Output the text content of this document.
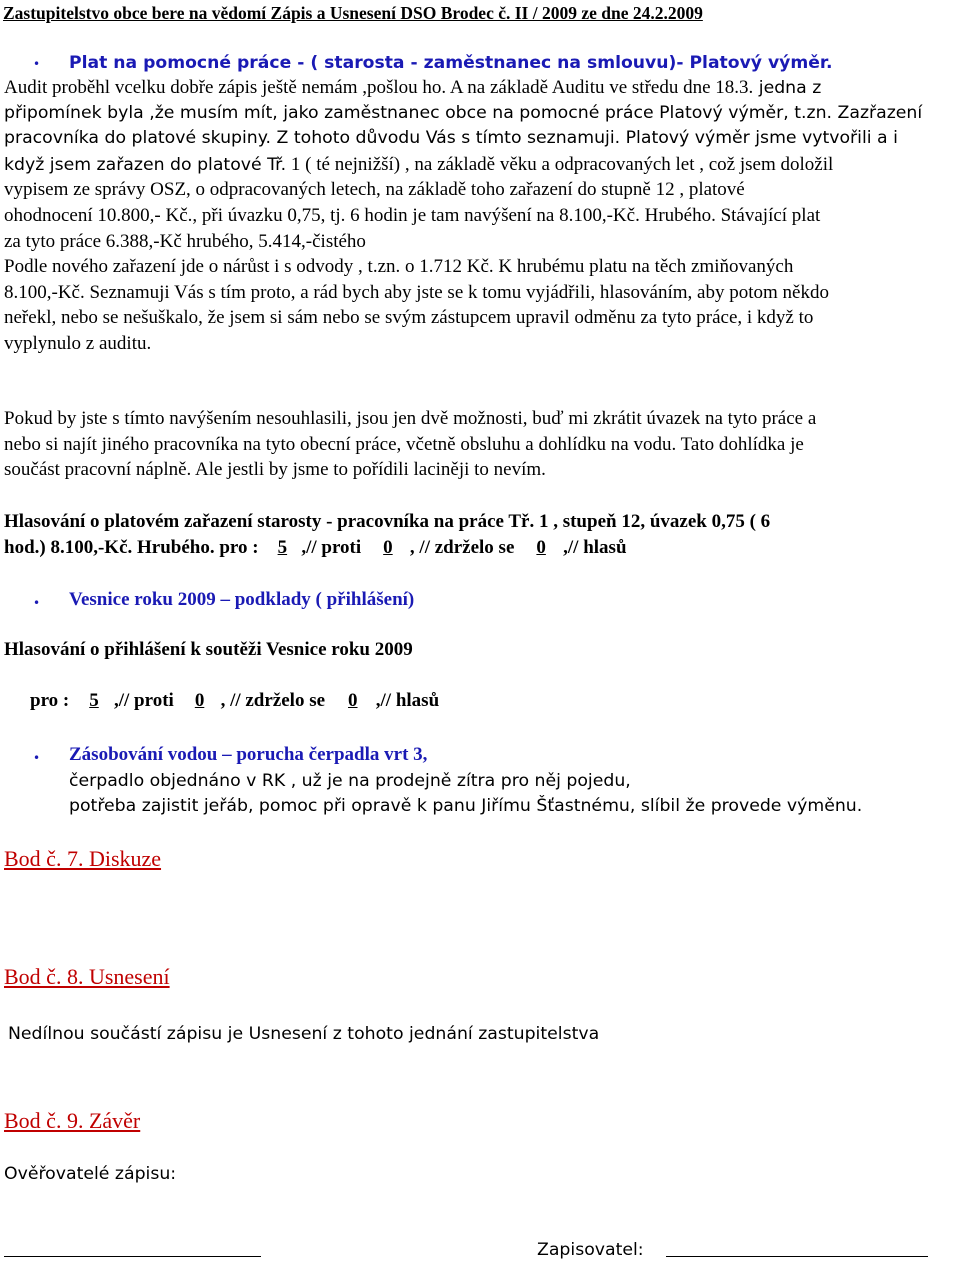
Zastupitelstvo obce bere na vědomí Zápis a Usnesení DSO Brodec č. II / 2009 ze dne 24.2.2009
• Plat na pomocné práce - ( starosta - zaměstnanec na smlouvu)- Platový výměr.
Audit proběhl vcelku dobře zápis ještě nemám ,pošlou ho. A na základě Auditu ve středu dne 18.3. jedna z
připomínek byla ,že musím mít, jako zaměstnanec obce na pomocné práce Platový výměr, t.zn. Zazřazení
pracovníka do platové skupiny. Z tohoto důvodu Vás s tímto seznamuji. Platový výměr jsme vytvořili a i
když jsem zařazen do platové Tř. 1 ( té nejnižší) , na základě věku a odpracovaných let , což jsem doložil
vypisem ze správy OSZ, o odpracovaných letech, na základě toho zařazení do stupně 12 , platové
ohodnocení 10.800,- Kč., při úvazku 0,75, tj. 6 hodin je tam navýšení na 8.100,-Kč. Hrubého. Stávající plat
za tyto práce 6.388,-Kč hrubého, 5.414,-čistého
Podle nového zařazení jde o nárůst i s odvody , t.zn. o 1.712 Kč. K hrubému platu na těch zmiňovaných
8.100,-Kč. Seznamuji Vás s tím proto, a rád bych aby jste se k tomu vyjádřili, hlasováním, aby potom někdo
neřekl, nebo se nešuškalo, že jsem si sám nebo se svým zástupcem upravil odměnu za tyto práce, i když to
vyplynulo z auditu.
Pokud by jste s tímto navýšením nesouhlasili, jsou jen dvě možnosti, buď mi zkrátit úvazek na tyto práce a
nebo si najít jiného pracovníka na tyto obecní práce, včetně obsluhu a dohlídku na vodu. Tato dohlídka je
součást pracovní náplně. Ale jestli by jsme to pořídili laciněji to nevím.
Hlasování o platovém zařazení starosty - pracovníka na práce Tř. 1 , stupeň 12, úvazek 0,75 ( 6
hod.) 8.100,-Kč. Hrubého. pro : 5 ,// proti 0 , // zdrželo se 0 ,// hlasů
• Vesnice roku 2009 – podklady ( přihlášení)
Hlasování o přihlášení k soutěži Vesnice roku 2009
pro : 5 ,// proti 0 , // zdrželo se 0 ,// hlasů
• Zásobování vodou – porucha čerpadla vrt 3,
čerpadlo objednáno v RK , už je na prodejně zítra pro něj pojedu,
potřeba zajistit jeřáb, pomoc při opravě k panu Jiřímu Šťastnému, slíbil že provede výměnu.
Bod č. 7. Diskuze
Bod č. 8. Usnesení
Nedílnou součástí zápisu je Usnesení z tohoto jednání zastupitelstva
Bod č. 9. Závěr
Ověřovatelé zápisu:
Zapisovatel:
